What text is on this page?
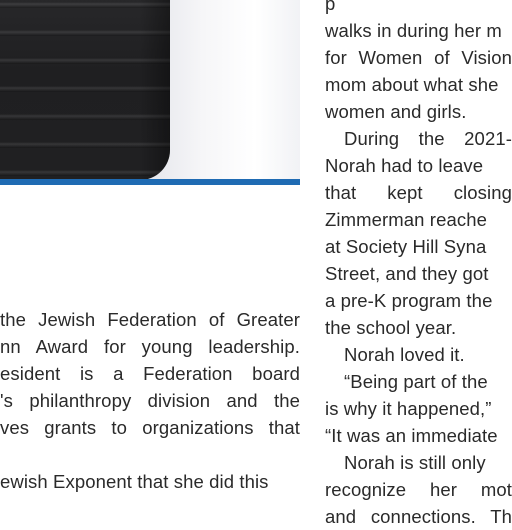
the Jewish Federation of Greater
nn Award for young leadership.
esident is a Federation board
's philanthropy division and the
ves grants to organizations that
ewish Exponent that she did this
p
walks in during her m
for Women of Vision
mom about what she
women and girls.
During the 2021-
Norah had to leave
that kept closing
Zimmerman reache
at Society Hill Syna
Street, and they got
a pre-K program the
the school year.
Norah loved it.
“Being part of the
is why it happened,”
“It was an immediate
Norah is still only
recognize her mot
and connections. Th
